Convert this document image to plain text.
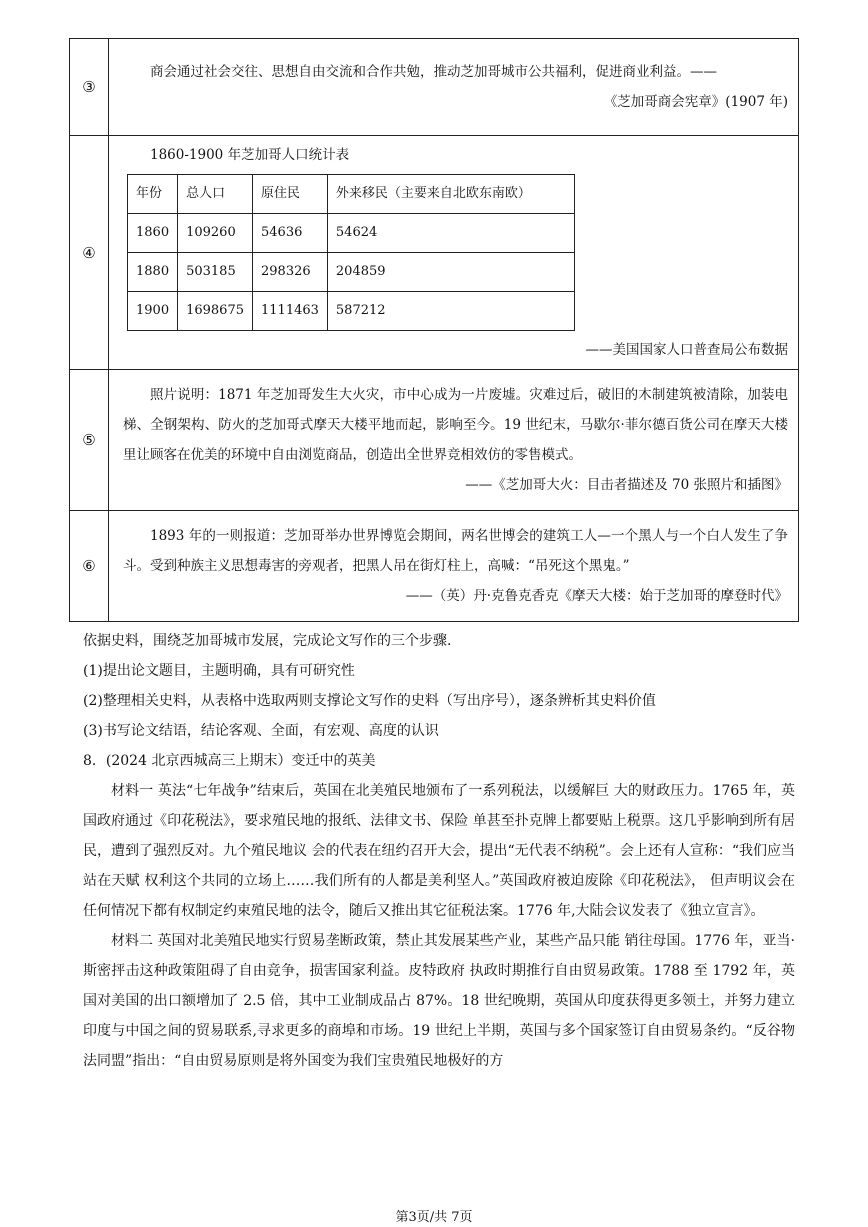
③	
商会通过社会交往、思想自由交流和合作共勉，推动芝加哥城市公共福利，促进商业利益。——
《芝加哥商会宪章》(1907 年)

④	
1860-1900 年芝加哥人口统计表
年份	总人口	原住民	外来移民（主要来自北欧东南欧）
1860	109260	54636	54624
1880	503185	298326	204859
1900	1698675	1111463	587212
——美国国家人口普查局公布数据

⑤	
照片说明：1871 年芝加哥发生大火灾，市中心成为一片废墟。灾难过后，破旧的木制建筑被清除，加装电梯、全钢架构、防火的芝加哥式摩天大楼平地而起，影响至今。19 世纪末，马歇尔·菲尔德百货公司在摩天大楼里让顾客在优美的环境中自由浏览商品，创造出全世界竞相效仿的零售模式。
——《芝加哥大火：目击者描述及 70 张照片和插图》

⑥	
1893 年的一则报道：芝加哥举办世界博览会期间，两名世博会的建筑工人—一个黑人与一个白人发生了争斗。受到种族主义思想毒害的旁观者，把黑人吊在街灯柱上，高喊：“吊死这个黑鬼。”
——（英）丹·克鲁克香克《摩天大楼：始于芝加哥的摩登时代》

依据史料，围绕芝加哥城市发展，完成论文写作的三个步骤.

(1)提出论文题目，主题明确，具有可研究性

(2)整理相关史料，从表格中选取两则支撑论文写作的史料（写出序号），逐条辨析其史料价值

(3)书写论文结语，结论客观、全面，有宏观、高度的认识

8．(2024 北京西城高三上期末）变迁中的英美

材料一 英法“七年战争”结束后，英国在北美殖民地颁布了一系列税法，以缓解巨 大的财政压力。1765 年，英国政府通过《印花税法》，要求殖民地的报纸、法律文书、保险 单甚至扑克牌上都要贴上税票。这几乎影响到所有居民，遭到了强烈反对。九个殖民地议 会的代表在纽约召开大会，提出“无代表不纳税”。会上还有人宣称：“我们应当站在天赋 权利这个共同的立场上……我们所有的人都是美利坚人。”英国政府被迫废除《印花税法》， 但声明议会在任何情况下都有权制定约束殖民地的法令，随后又推出其它征税法案。1776 年,大陆会议发表了《独立宣言》。

材料二 英国对北美殖民地实行贸易垄断政策，禁止其发展某些产业，某些产品只能 销往母国。1776 年，亚当·斯密抨击这种政策阻碍了自由竞争，损害国家利益。皮特政府 执政时期推行自由贸易政策。1788 至 1792 年，英国对美国的出口额增加了 2.5 倍，其中工业制成品占 87%。18 世纪晚期，英国从印度获得更多领土，并努力建立印度与中国之间的贸易联系,寻求更多的商埠和市场。19 世纪上半期，英国与多个国家签订自由贸易条约。“反谷物法同盟”指出：“自由贸易原则是将外国变为我们宝贵殖民地极好的方

第3页/共 7页
